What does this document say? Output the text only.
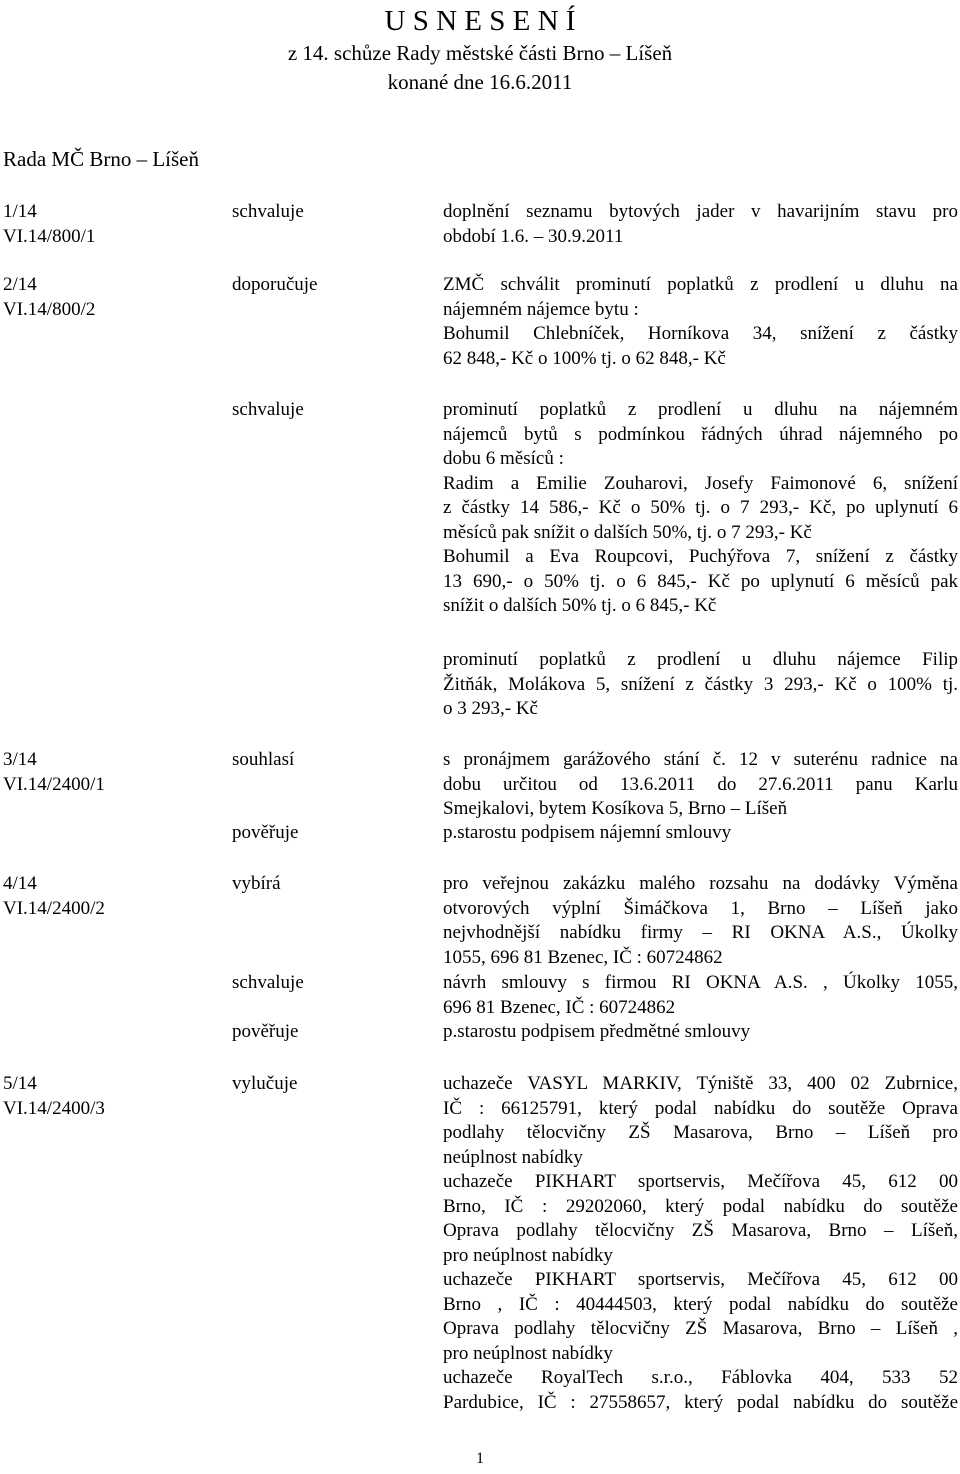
U S N E S E N Í
z 14. schůze Rady městské části Brno – Líšeň
konané dne 16.6.2011
Rada MČ Brno – Líšeň
1/14
VI.14/800/1
schvaluje	doplnění seznamu bytových jader v havarijním stavu pro
období 1.6. – 30.9.2011
2/14
VI.14/800/2
doporučuje	ZMČ schválit prominutí poplatků z prodlení u dluhu na
nájemném nájemce bytu :
Bohumil Chlebníček, Horníkova 34, snížení z částky
62 848,- Kč o 100% tj. o 62 848,- Kč
schvaluje	prominutí poplatků z prodlení u dluhu na nájemném
nájemců bytů s podmínkou řádných úhrad nájemného po
dobu 6 měsíců :
Radim a Emilie Zouharovi, Josefy Faimonové 6, snížení
z částky 14 586,- Kč o 50% tj. o 7 293,- Kč, po uplynutí 6
měsíců pak snížit o dalších 50%, tj. o 7 293,- Kč
Bohumil a Eva Roupcovi, Puchýřova 7, snížení z částky
13 690,- o 50% tj. o 6 845,- Kč po uplynutí 6 měsíců pak
snížit o dalších 50% tj. o 6 845,- Kč
prominutí poplatků z prodlení u dluhu nájemce Filip
Žitňák, Molákova 5, snížení z částky 3 293,- Kč o 100% tj.
o 3 293,- Kč
3/14
VI.14/2400/1
souhlasí	s pronájmem garážového stání č. 12 v suterénu radnice na
dobu určitou od 13.6.2011 do 27.6.2011 panu Karlu
Smejkalovi, bytem Kosíkova 5, Brno – Líšeň
pověřuje	p.starostu podpisem nájemní smlouvy
4/14
VI.14/2400/2
vybírá	pro veřejnou zakázku malého rozsahu na dodávky Výměna
otvorových výplní Šimáčkova 1, Brno – Líšeň jako
nejvhodnější nabídku firmy – RI OKNA A.S., Úkolky
1055, 696 81 Bzenec, IČ : 60724862
schvaluje	návrh smlouvy s firmou RI OKNA A.S. , Úkolky 1055,
696 81 Bzenec, IČ : 60724862
pověřuje	p.starostu podpisem předmětné smlouvy
5/14
VI.14/2400/3
vylučuje	uchazeče VASYL MARKIV, Týniště 33, 400 02 Zubrnice,
IČ : 66125791, který podal nabídku do soutěže Oprava
podlahy tělocvičny ZŠ Masarova, Brno – Líšeň pro
neúplnost nabídky
uchazeče PIKHART sportservis, Mečířova 45, 612 00
Brno, IČ : 29202060, který podal nabídku do soutěže
Oprava podlahy tělocvičny ZŠ Masarova, Brno – Líšeň,
pro neúplnost nabídky
uchazeče PIKHART sportservis, Mečířova 45, 612 00
Brno , IČ : 40444503, který podal nabídku do soutěže
Oprava podlahy tělocvičny ZŠ Masarova, Brno – Líšeň ,
pro neúplnost nabídky
uchazeče RoyalTech s.r.o., Fáblovka 404, 533 52
Pardubice, IČ : 27558657, který podal nabídku do soutěže
1
